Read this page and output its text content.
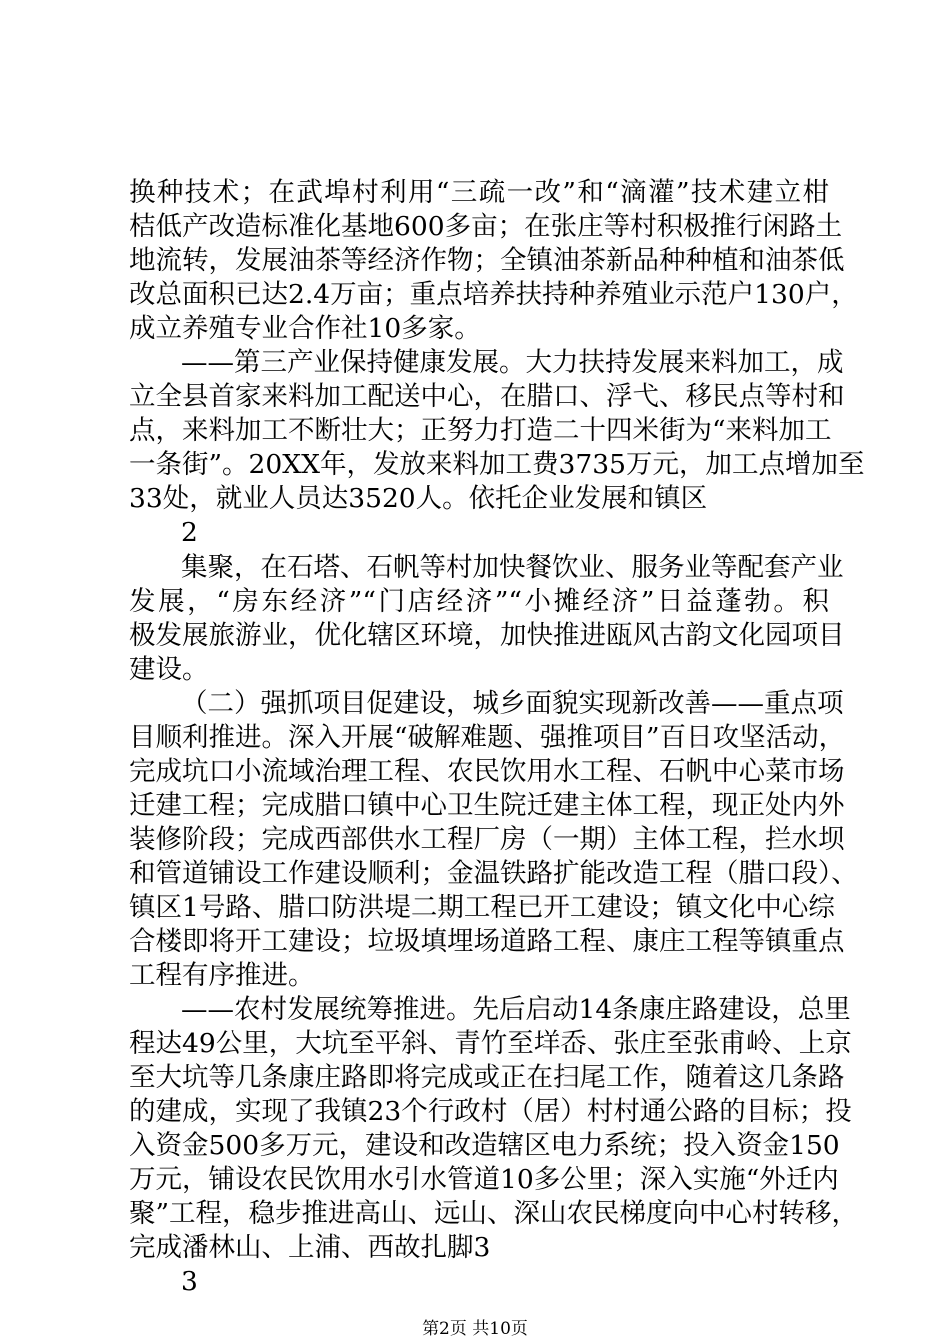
换种技术；在武埠村利用“三疏一改”和“滴灌”技术建立柑
桔低产改造标准化基地600多亩；在张庄等村积极推行闲路土
地流转，发展油茶等经济作物；全镇油茶新品种种植和油茶低
改总面积已达2.4万亩；重点培养扶持种养殖业示范户130户，
成立养殖专业合作社10多家。
——第三产业保持健康发展。大力扶持发展来料加工，成
立全县首家来料加工配送中心，在腊口、浮弋、移民点等村和
点，来料加工不断壮大；正努力打造二十四米街为“来料加工
一条街”。20XX年，发放来料加工费3735万元，加工点增加至
33处，就业人员达3520人。依托企业发展和镇区
2
集聚，在石塔、石帆等村加快餐饮业、服务业等配套产业
发展，“房东经济”“门店经济”“小摊经济”日益蓬勃。积
极发展旅游业，优化辖区环境，加快推进瓯风古韵文化园项目
建设。
（二）强抓项目促建设，城乡面貌实现新改善——重点项
目顺利推进。深入开展“破解难题、强推项目”百日攻坚活动，
完成坑口小流域治理工程、农民饮用水工程、石帆中心菜市场
迁建工程；完成腊口镇中心卫生院迁建主体工程，现正处内外
装修阶段；完成西部供水工程厂房（一期）主体工程，拦水坝
和管道铺设工作建设顺利；金温铁路扩能改造工程（腊口段）、
镇区1号路、腊口防洪堤二期工程已开工建设；镇文化中心综
合楼即将开工建设；垃圾填埋场道路工程、康庄工程等镇重点
工程有序推进。
——农村发展统筹推进。先后启动14条康庄路建设，总里
程达49公里，大坑至平斜、青竹至垟岙、张庄至张甫岭、上京
至大坑等几条康庄路即将完成或正在扫尾工作，随着这几条路
的建成，实现了我镇23个行政村（居）村村通公路的目标；投
入资金500多万元，建设和改造辖区电力系统；投入资金150
万元，铺设农民饮用水引水管道10多公里；深入实施“外迁内
聚”工程，稳步推进高山、远山、深山农民梯度向中心村转移，
完成潘林山、上浦、西故扎脚3
3
第2页 共10页
